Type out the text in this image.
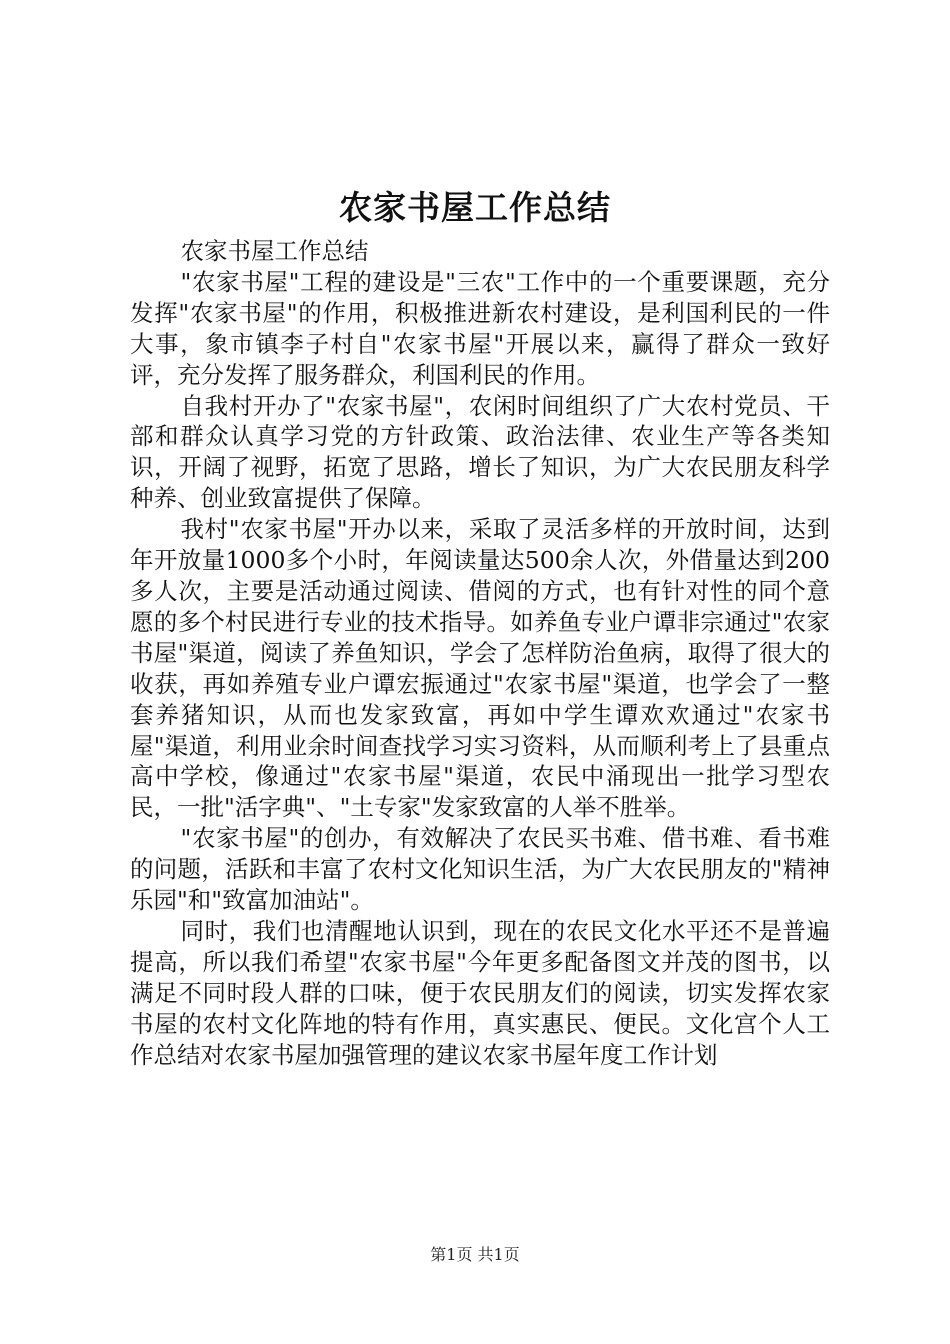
农家书屋工作总结

农家书屋工作总结

"农家书屋"工程的建设是"三农"工作中的一个重要课题，充分发挥"农家书屋"的作用，积极推进新农村建设，是利国利民的一件大事，象市镇李子村自"农家书屋"开展以来，赢得了群众一致好评，充分发挥了服务群众，利国利民的作用。

自我村开办了"农家书屋"，农闲时间组织了广大农村党员、干部和群众认真学习党的方针政策、政治法律、农业生产等各类知识，开阔了视野，拓宽了思路，增长了知识，为广大农民朋友科学种养、创业致富提供了保障。

我村"农家书屋"开办以来，采取了灵活多样的开放时间，达到年开放量1000多个小时，年阅读量达500余人次，外借量达到200多人次，主要是活动通过阅读、借阅的方式，也有针对性的同个意愿的多个村民进行专业的技术指导。如养鱼专业户谭非宗通过"农家书屋"渠道，阅读了养鱼知识，学会了怎样防治鱼病，取得了很大的收获，再如养殖专业户谭宏振通过"农家书屋"渠道，也学会了一整套养猪知识，从而也发家致富，再如中学生谭欢欢通过"农家书屋"渠道，利用业余时间查找学习实习资料，从而顺利考上了县重点高中学校，像通过"农家书屋"渠道，农民中涌现出一批学习型农民，一批"活字典"、"土专家"发家致富的人举不胜举。

"农家书屋"的创办，有效解决了农民买书难、借书难、看书难的问题，活跃和丰富了农村文化知识生活，为广大农民朋友的"精神乐园"和"致富加油站"。

同时，我们也清醒地认识到，现在的农民文化水平还不是普遍提高，所以我们希望"农家书屋"今年更多配备图文并茂的图书，以满足不同时段人群的口味，便于农民朋友们的阅读，切实发挥农家书屋的农村文化阵地的特有作用，真实惠民、便民。文化宫个人工作总结对农家书屋加强管理的建议农家书屋年度工作计划

第1页 共1页
